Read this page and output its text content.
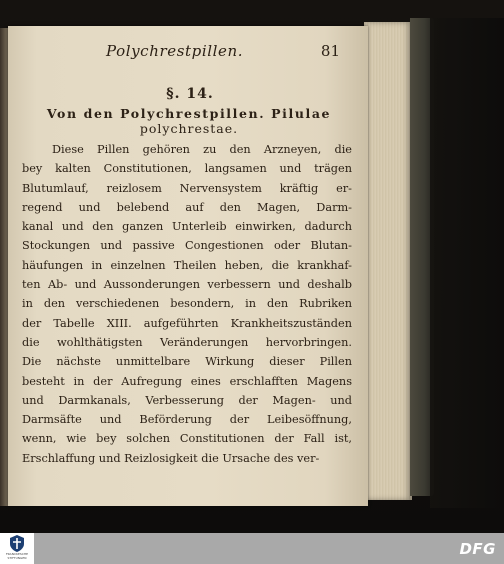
Polychrestpillen.	81
§. 14.
Von den Polychrestpillen. Pilulae
polychrestae.
Diese Pillen gehören zu den Arzneyen, die
bey kalten Constitutionen, langsamen und trägen
Blutumlauf, reizlosem Nervensystem kräftig er-
regend und belebend auf den Magen, Darm-
kanal und den ganzen Unterleib einwirken, dadurch
Stockungen und passive Congestionen oder Blutan-
häufungen in einzelnen Theilen heben, die krankhaf-
ten Ab- und Aussonderungen verbessern und deshalb
in den verschiedenen besondern, in den Rubriken
der Tabelle XIII. aufgeführten Krankheitszuständen
die wohlthätigsten Veränderungen hervorbringen.
Die nächste unmittelbare Wirkung dieser Pillen
besteht in der Aufregung eines erschlafften Magens
und Darmkanals, Verbesserung der Magen- und
Darmsäfte und Beförderung der Leibesöffnung,
wenn, wie bey solchen Constitutionen der Fall ist,
Erschlaffung und Reizlosigkeit die Ursache des ver-
FRANCKESCHE STIFTUNGEN	DFG
